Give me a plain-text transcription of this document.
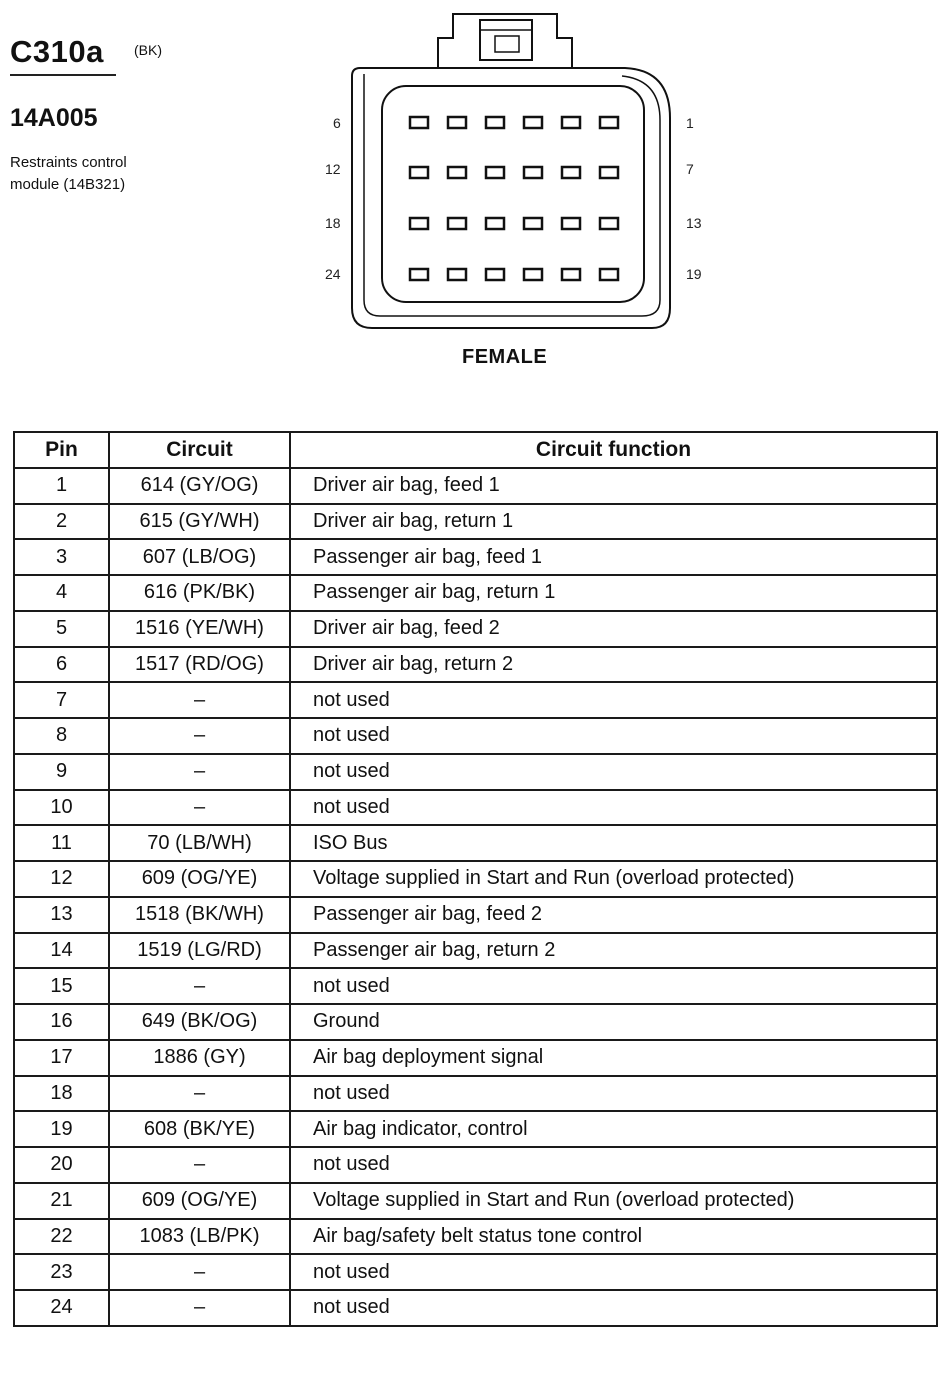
C310a (BK)
14A005
Restraints control module (14B321)
6
12
18
24
1
7
13
19
FEMALE
Pin	Circuit	Circuit function
1	614 (GY/OG)	Driver air bag, feed 1
2	615 (GY/WH)	Driver air bag, return 1
3	607 (LB/OG)	Passenger air bag, feed 1
4	616 (PK/BK)	Passenger air bag, return 1
5	1516 (YE/WH)	Driver air bag, feed 2
6	1517 (RD/OG)	Driver air bag, return 2
7	–	not used
8	–	not used
9	–	not used
10	–	not used
11	70 (LB/WH)	ISO Bus
12	609 (OG/YE)	Voltage supplied in Start and Run (overload protected)
13	1518 (BK/WH)	Passenger air bag, feed 2
14	1519 (LG/RD)	Passenger air bag, return 2
15	–	not used
16	649 (BK/OG)	Ground
17	1886 (GY)	Air bag deployment signal
18	–	not used
19	608 (BK/YE)	Air bag indicator, control
20	–	not used
21	609 (OG/YE)	Voltage supplied in Start and Run (overload protected)
22	1083 (LB/PK)	Air bag/safety belt status tone control
23	–	not used
24	–	not used
